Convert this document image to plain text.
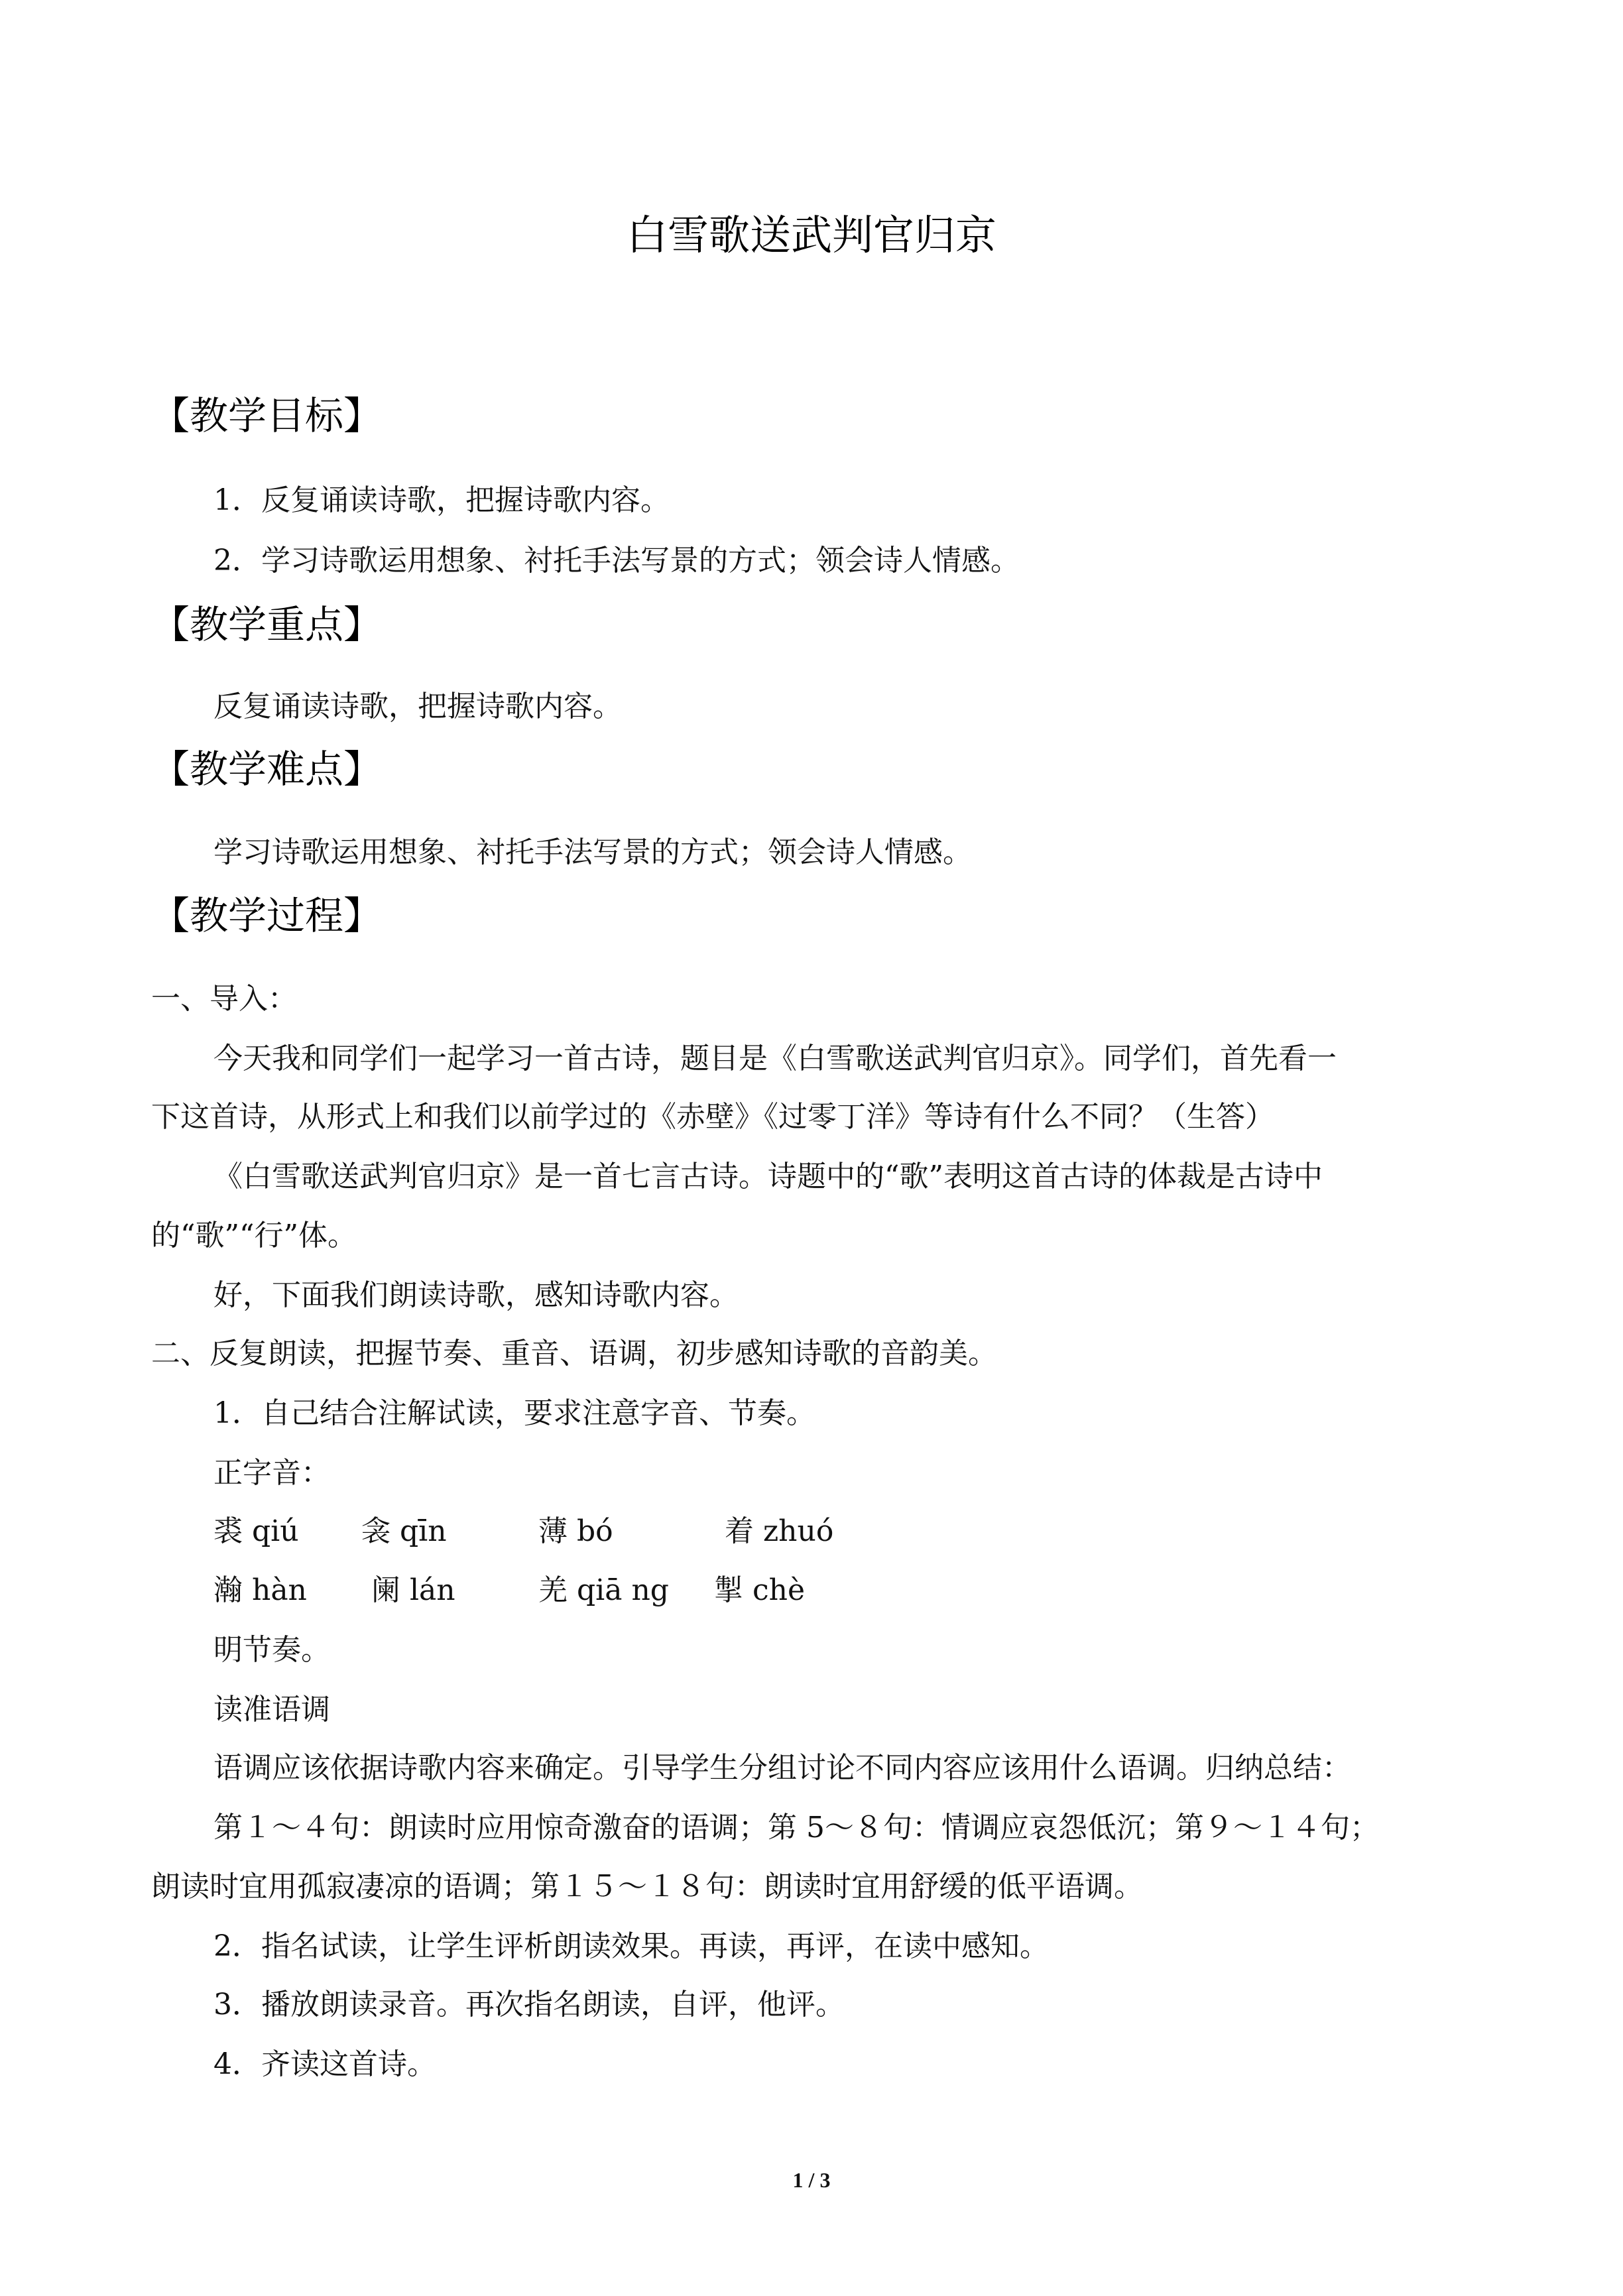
白雪歌送武判官归京
【教学目标】
1．反复诵读诗歌，把握诗歌内容。
2．学习诗歌运用想象、衬托手法写景的方式；领会诗人情感。
【教学重点】
反复诵读诗歌，把握诗歌内容。
【教学难点】
学习诗歌运用想象、衬托手法写景的方式；领会诗人情感。
【教学过程】
一、导入：
今天我和同学们一起学习一首古诗，题目是《白雪歌送武判官归京》。同学们，首先看一
下这首诗，从形式上和我们以前学过的《赤壁》《过零丁洋》等诗有什么不同？（生答）
《白雪歌送武判官归京》是一首七言古诗。诗题中的“歌”表明这首古诗的体裁是古诗中
的“歌”“行”体。
好，下面我们朗读诗歌，感知诗歌内容。
二、反复朗读，把握节奏、重音、语调，初步感知诗歌的音韵美。
1．自己结合注解试读，要求注意字音、节奏。
正字音：
裘 qiú 衾 qīn	薄 bó	着 zhuó
瀚 hàn 阑 lán	羌 qiā ng 掣 chè
明节奏。
读准语调
语调应该依据诗歌内容来确定。引导学生分组讨论不同内容应该用什么语调。归纳总结：
第１～４句：朗读时应用惊奇激奋的语调；第 5～８句：情调应哀怨低沉；第９～１４句；
朗读时宜用孤寂凄凉的语调；第１５～１８句：朗读时宜用舒缓的低平语调。
2．指名试读，让学生评析朗读效果。再读，再评，在读中感知。
3．播放朗读录音。再次指名朗读，自评，他评。
4．齐读这首诗。
1 / 3
